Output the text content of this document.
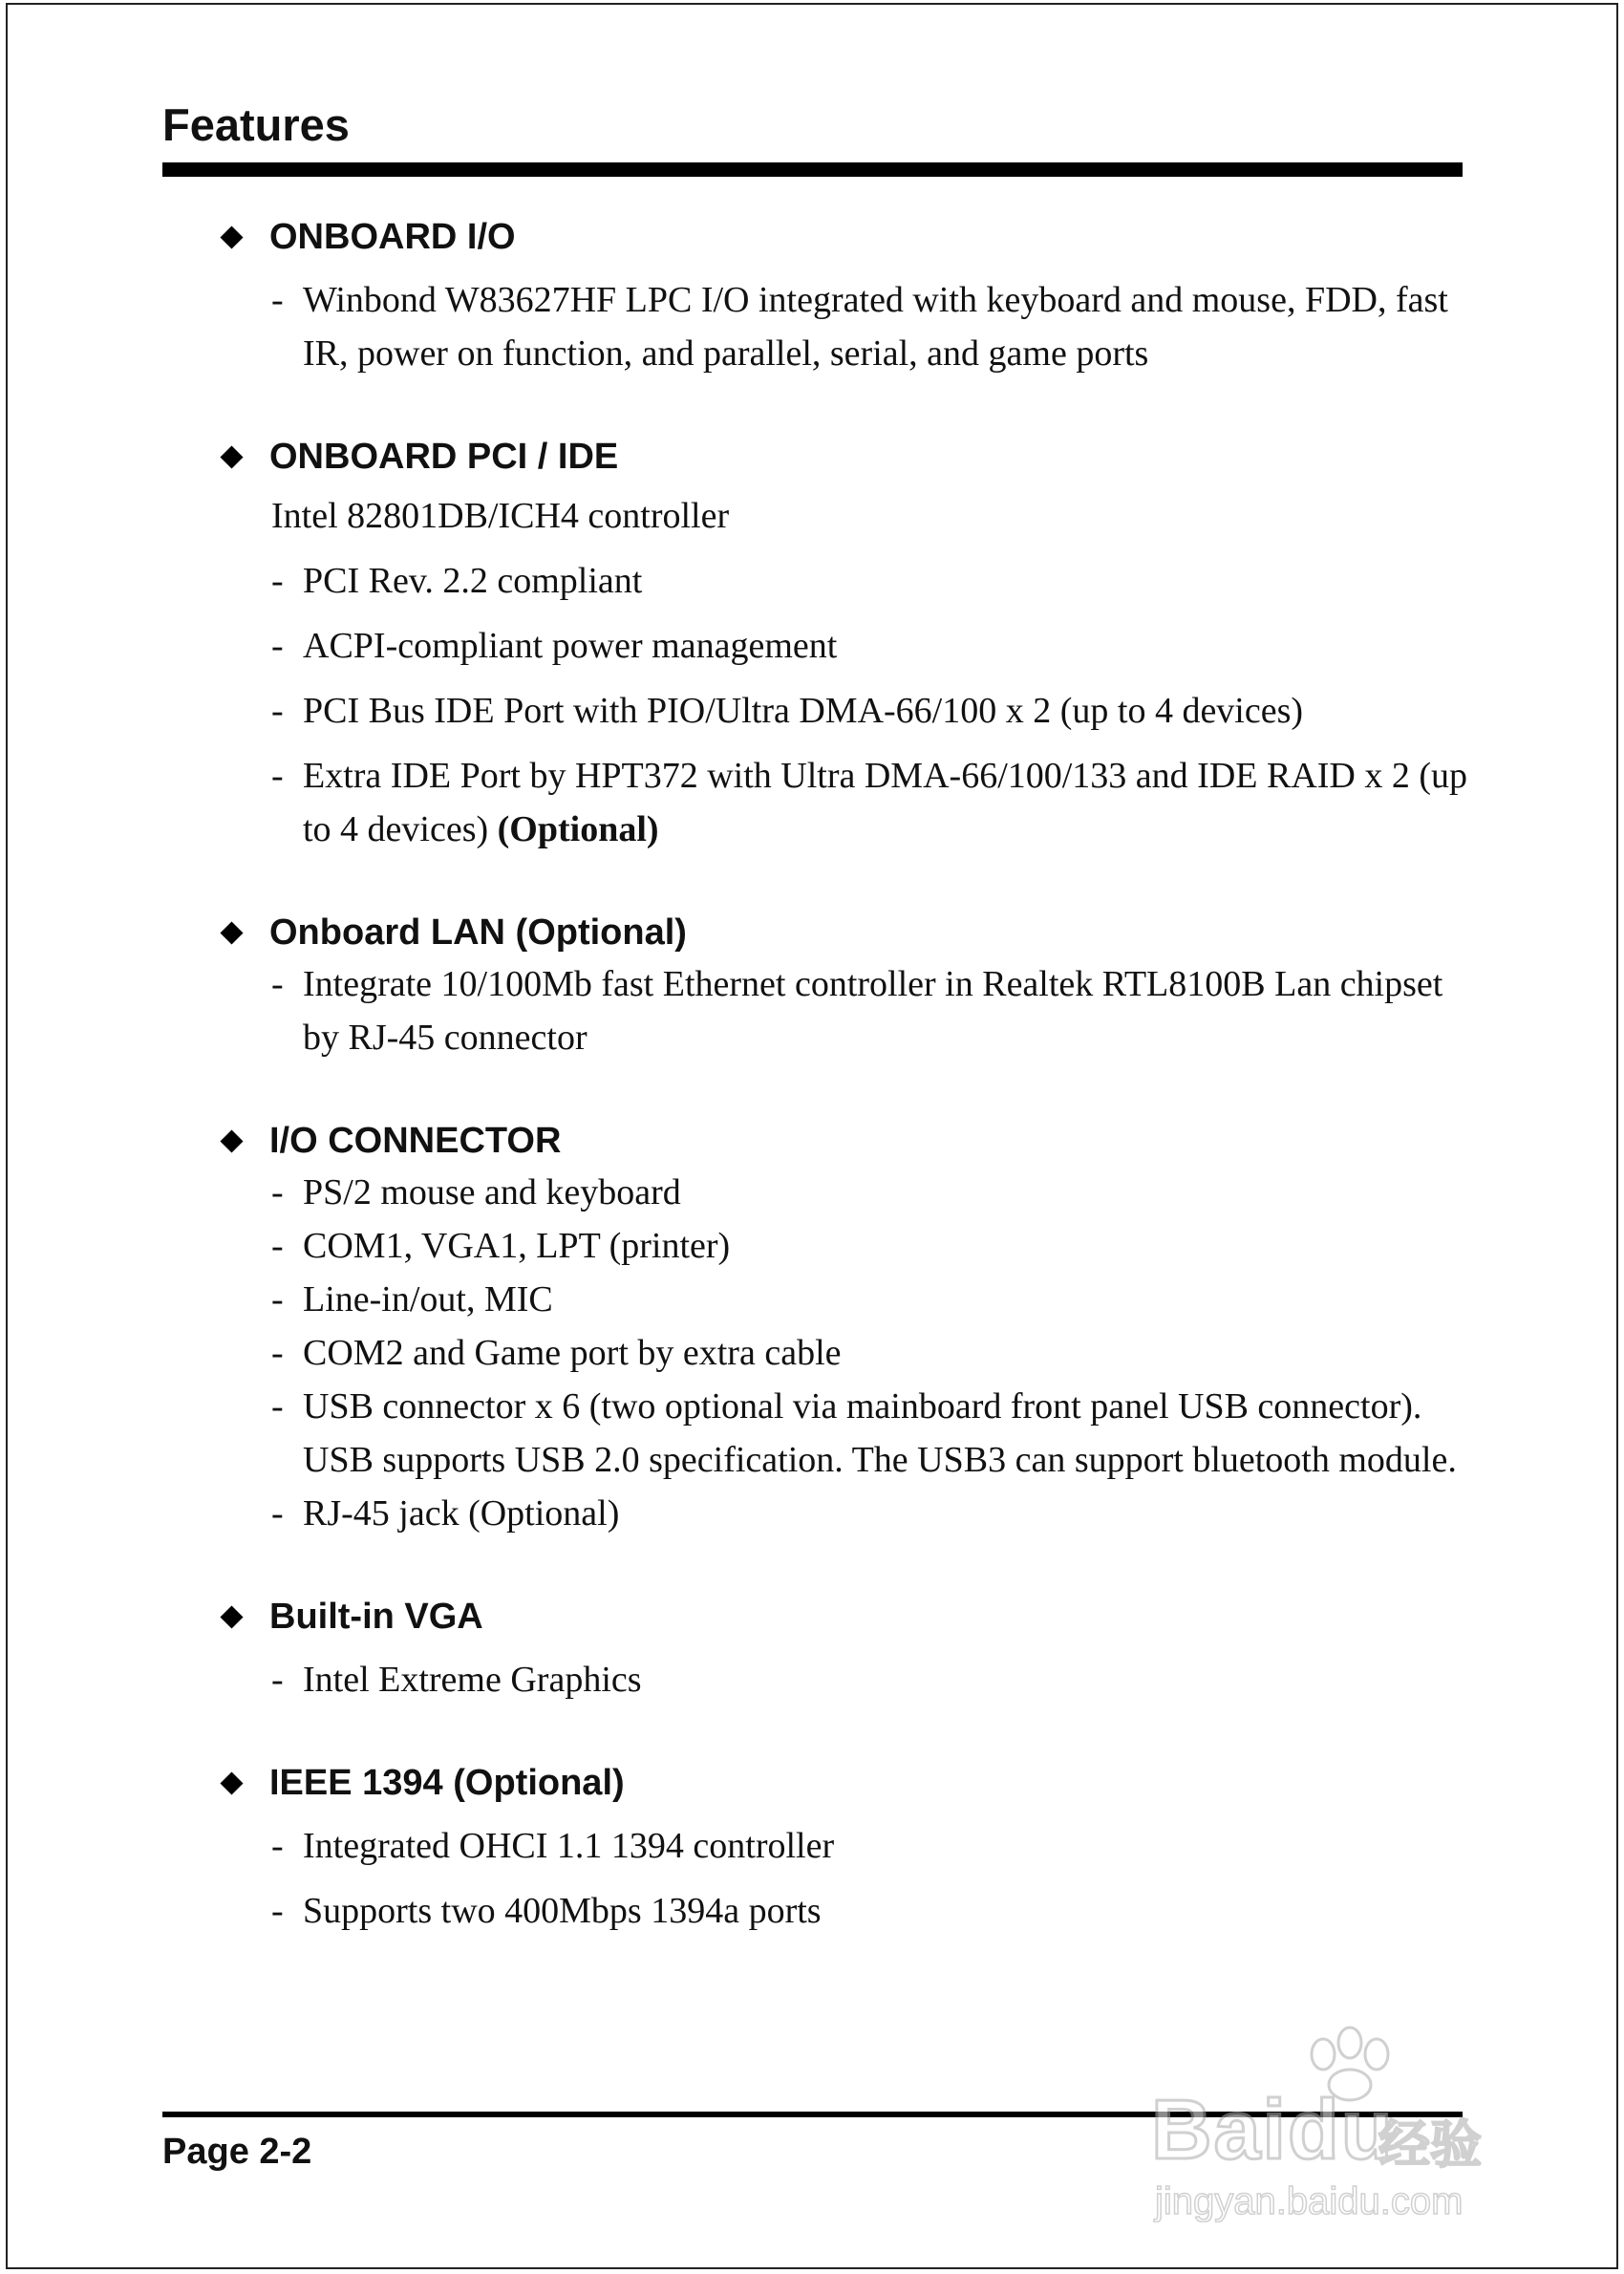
Features
ONBOARD I/O
- Winbond W83627HF LPC I/O integrated with keyboard and mouse, FDD, fast IR, power on function, and parallel, serial, and game ports
ONBOARD PCI / IDE
Intel 82801DB/ICH4 controller
- PCI Rev. 2.2 compliant
- ACPI-compliant power management
- PCI Bus IDE Port with PIO/Ultra DMA-66/100 x 2 (up to 4 devices)
- Extra IDE Port by HPT372 with Ultra DMA-66/100/133 and IDE RAID x 2 (up to 4 devices) (Optional)
Onboard LAN (Optional)
- Integrate 10/100Mb fast Ethernet controller in Realtek RTL8100B Lan chipset by RJ-45 connector
I/O CONNECTOR
- PS/2 mouse and keyboard
- COM1, VGA1, LPT (printer)
- Line-in/out, MIC
- COM2 and Game port by extra cable
- USB connector x 6 (two optional via mainboard front panel USB connector). USB supports USB 2.0 specification. The USB3 can support bluetooth module.
- RJ-45 jack (Optional)
Built-in VGA
- Intel Extreme Graphics
IEEE 1394 (Optional)
- Integrated OHCI 1.1 1394 controller
- Supports two 400Mbps 1394a ports
Page 2-2	Baidu
经验
jingyan.baidu.com
